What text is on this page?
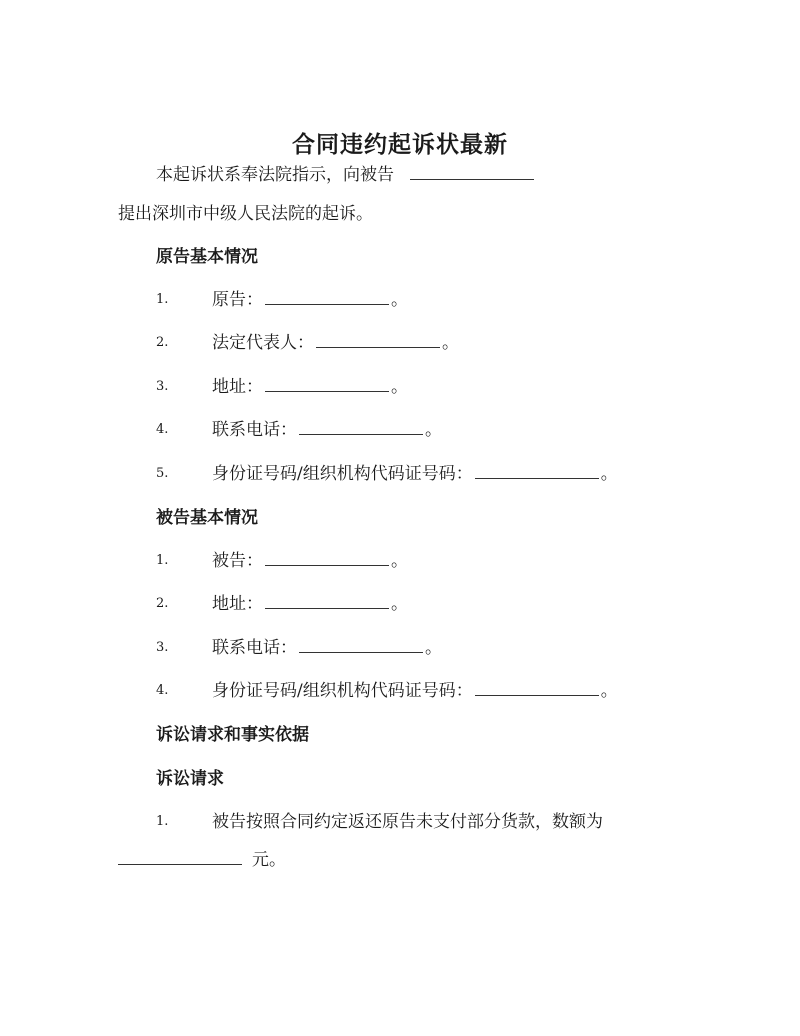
合同违约起诉状最新
本起诉状系奉法院指示，向被告
提出深圳市中级人民法院的起诉。
原告基本情况
1.	原告：	。
2.	法定代表人：	。
3.	地址：	。
4.	联系电话：	。
5.	身份证号码/组织机构代码证号码：	。
被告基本情况
1.	被告：	。
2.	地址：	。
3.	联系电话：	。
4.	身份证号码/组织机构代码证号码：	。
诉讼请求和事实依据
诉讼请求
1.	被告按照合同约定返还原告未支付部分货款，数额为
元。
